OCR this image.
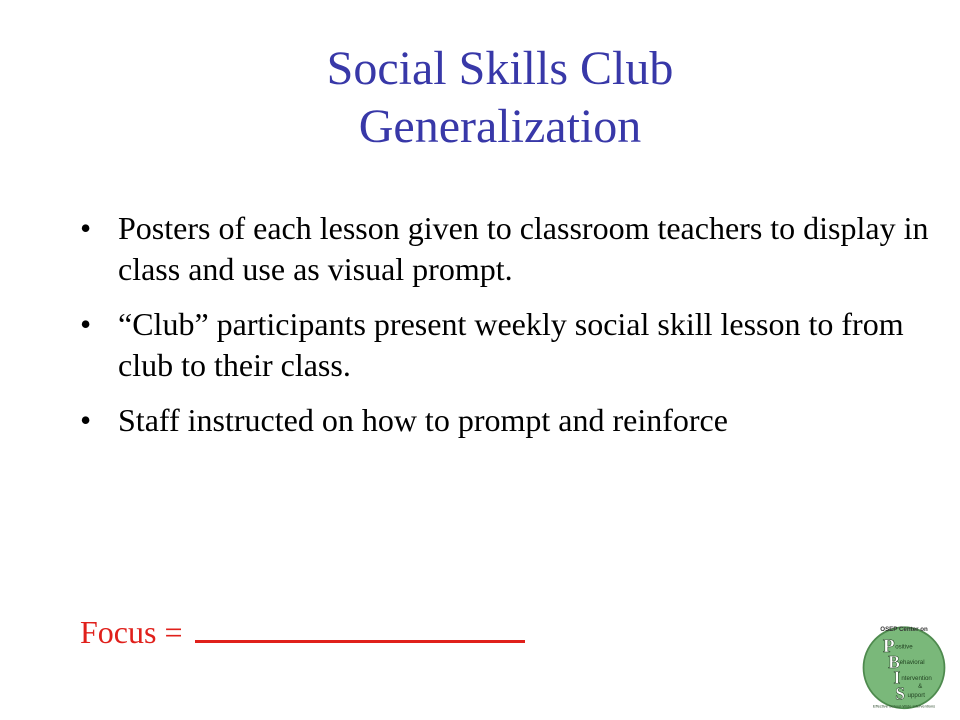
Social Skills Club
Generalization
• Posters of each lesson given to classroom teachers to display in class and use as visual prompt.
• “Club” participants present weekly social skill lesson to from club to their class.
• Staff instructed on how to prompt and reinforce
Focus =	OSEP Center on
P
B
I
S
ositive
ehavioral
ntervention
&
upport
Effective School-Wide Interventions
